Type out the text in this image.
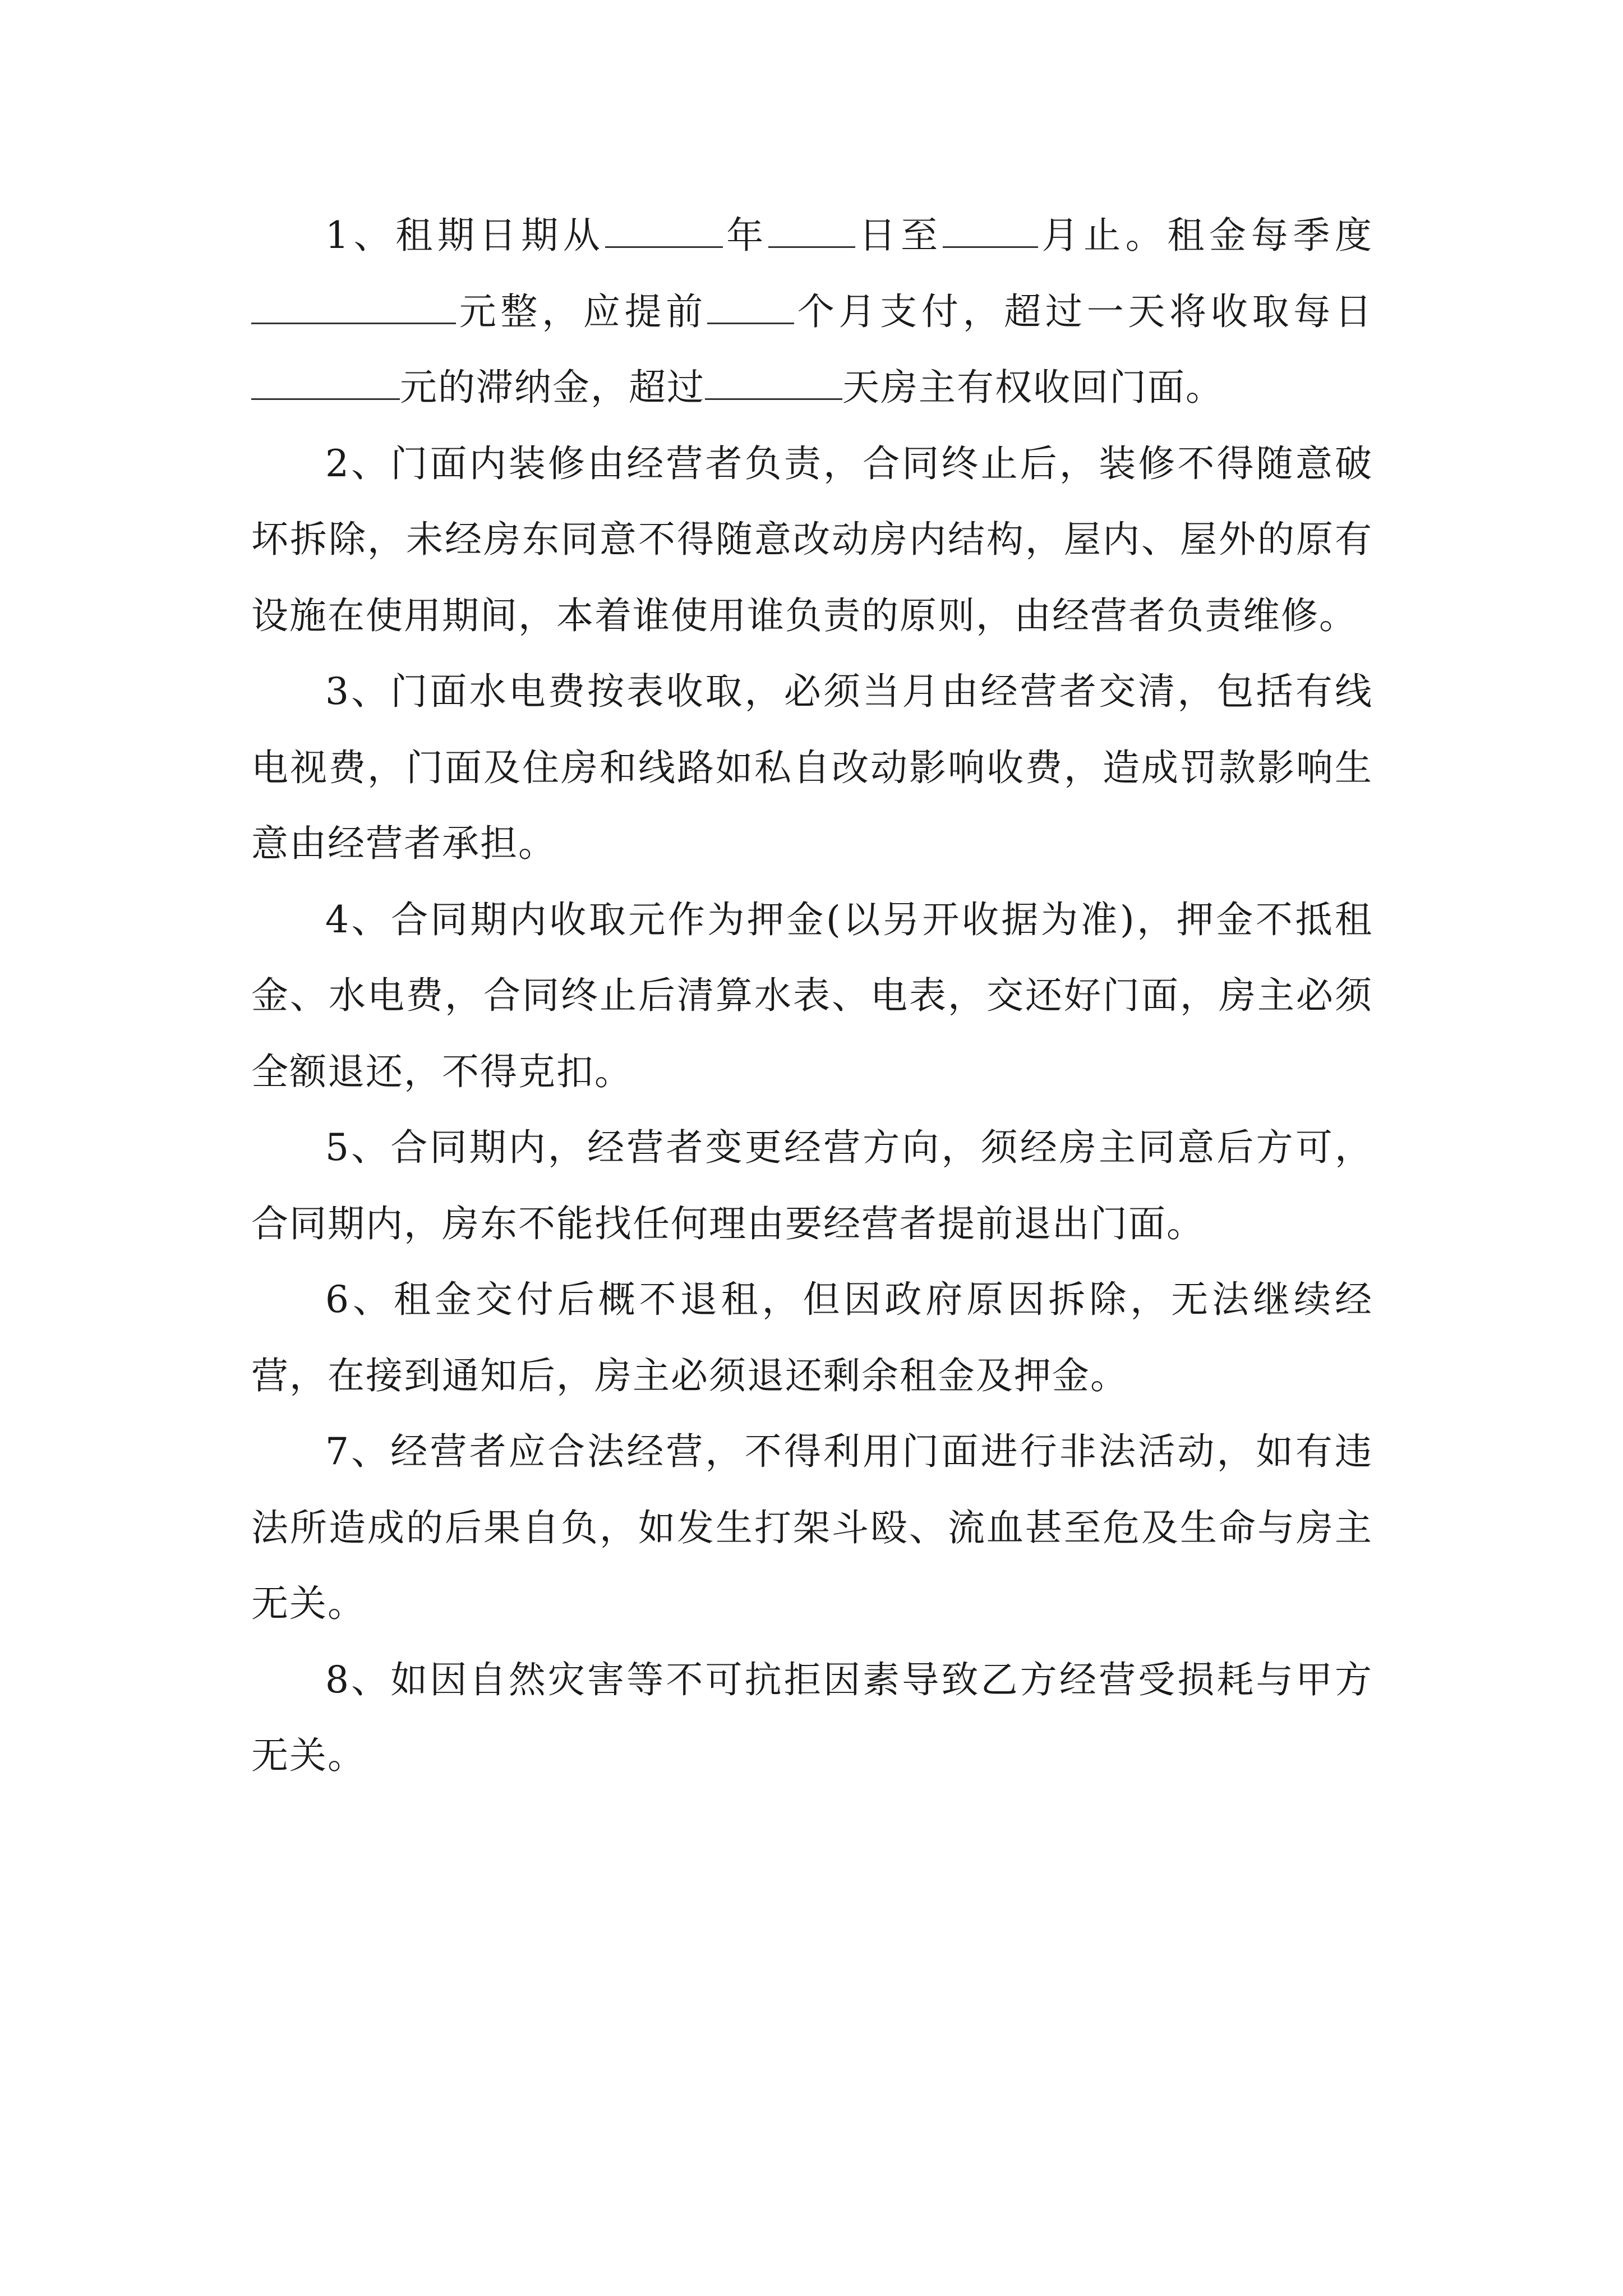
1、租期日期从	年 日至	月止。租金每季度元整，应提前 个月支付，超过一天将收取每日元的滞纳金，超过	天房主有权收回门面。

2、门面内装修由经营者负责，合同终止后，装修不得随意破坏拆除，未经房东同意不得随意改动房内结构，屋内、屋外的原有设施在使用期间，本着谁使用谁负责的原则，由经营者负责维修。

3、门面水电费按表收取，必须当月由经营者交清，包括有线电视费，门面及住房和线路如私自改动影响收费，造成罚款影响生意由经营者承担。

4、合同期内收取元作为押金(以另开收据为准)，押金不抵租金、水电费，合同终止后清算水表、电表，交还好门面，房主必须全额退还，不得克扣。

5、合同期内，经营者变更经营方向，须经房主同意后方可，合同期内，房东不能找任何理由要经营者提前退出门面。

6、租金交付后概不退租，但因政府原因拆除，无法继续经营，在接到通知后，房主必须退还剩余租金及押金。

7、经营者应合法经营，不得利用门面进行非法活动，如有违法所造成的后果自负，如发生打架斗殴、流血甚至危及生命与房主无关。

8、如因自然灾害等不可抗拒因素导致乙方经营受损耗与甲方无关。
